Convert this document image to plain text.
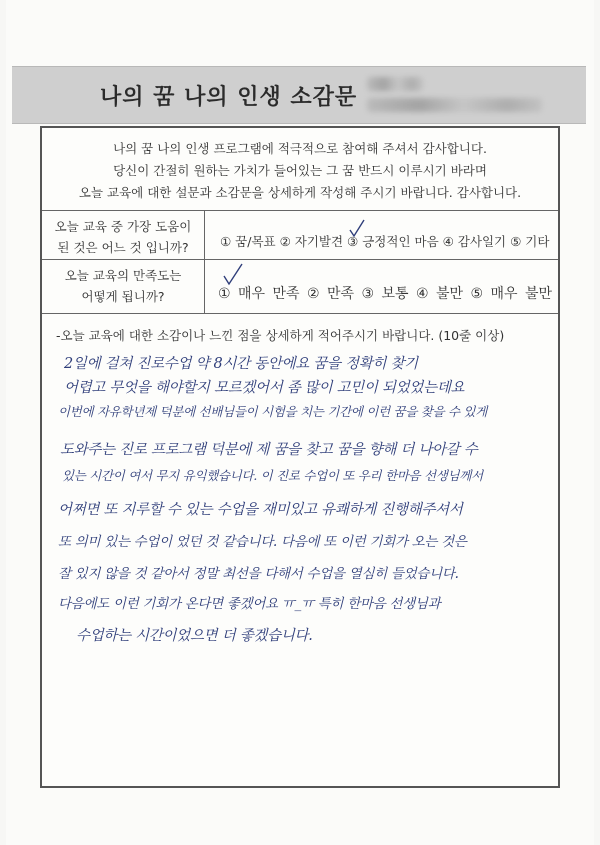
나의 꿈 나의 인생 소감문
나의 꿈 나의 인생 프로그램에 적극적으로 참여해 주셔서 감사합니다.
당신이 간절히 원하는 가치가 들어있는 그 꿈 반드시 이루시기 바라며
오늘 교육에 대한 설문과 소감문을 상세하게 작성해 주시기 바랍니다. 감사합니다.
오늘 교육 중 가장 도움이
된 것은 어느 것 입니까?	① 꿈/목표 ② 자기발견 ③ 긍정적인 마음 ④ 감사일기 ⑤ 기타
오늘 교육의 만족도는
어떻게 됩니까?	① 매우 만족 ② 만족 ③ 보통 ④ 불만 ⑤ 매우 불만
-오늘 교육에 대한 소감이나 느낀 점을 상세하게 적어주시기 바랍니다. (10줄 이상)
2일에 걸쳐 진로수업 약 8시간 동안에요 꿈을 정확히 찾기
어렵고 무엇을 해야할지 모르겠어서 좀 많이 고민이 되었었는데요
이번에 자유학년제 덕분에 선배님들이 시험을 치는 기간에 이런 꿈을 찾을 수 있게
도와주는 진로 프로그램 덕분에 제 꿈을 찾고 꿈을 향해 더 나아갈 수
있는 시간이 여서 무지 유익했습니다. 이 진로 수업이 또 우리 한마음 선생님께서
어쩌면 또 지루할 수 있는 수업을 재미있고 유쾌하게 진행해주셔서
또 의미 있는 수업이 었던 것 같습니다. 다음에 또 이런 기회가 오는 것은
잘 있지 않을 것 같아서 정말 최선을 다해서 수업을 열심히 들었습니다.
다음에도 이런 기회가 온다면 좋겠어요 ㅠ_ㅠ 특히 한마음 선생님과
수업하는 시간이었으면 더 좋겠습니다.
